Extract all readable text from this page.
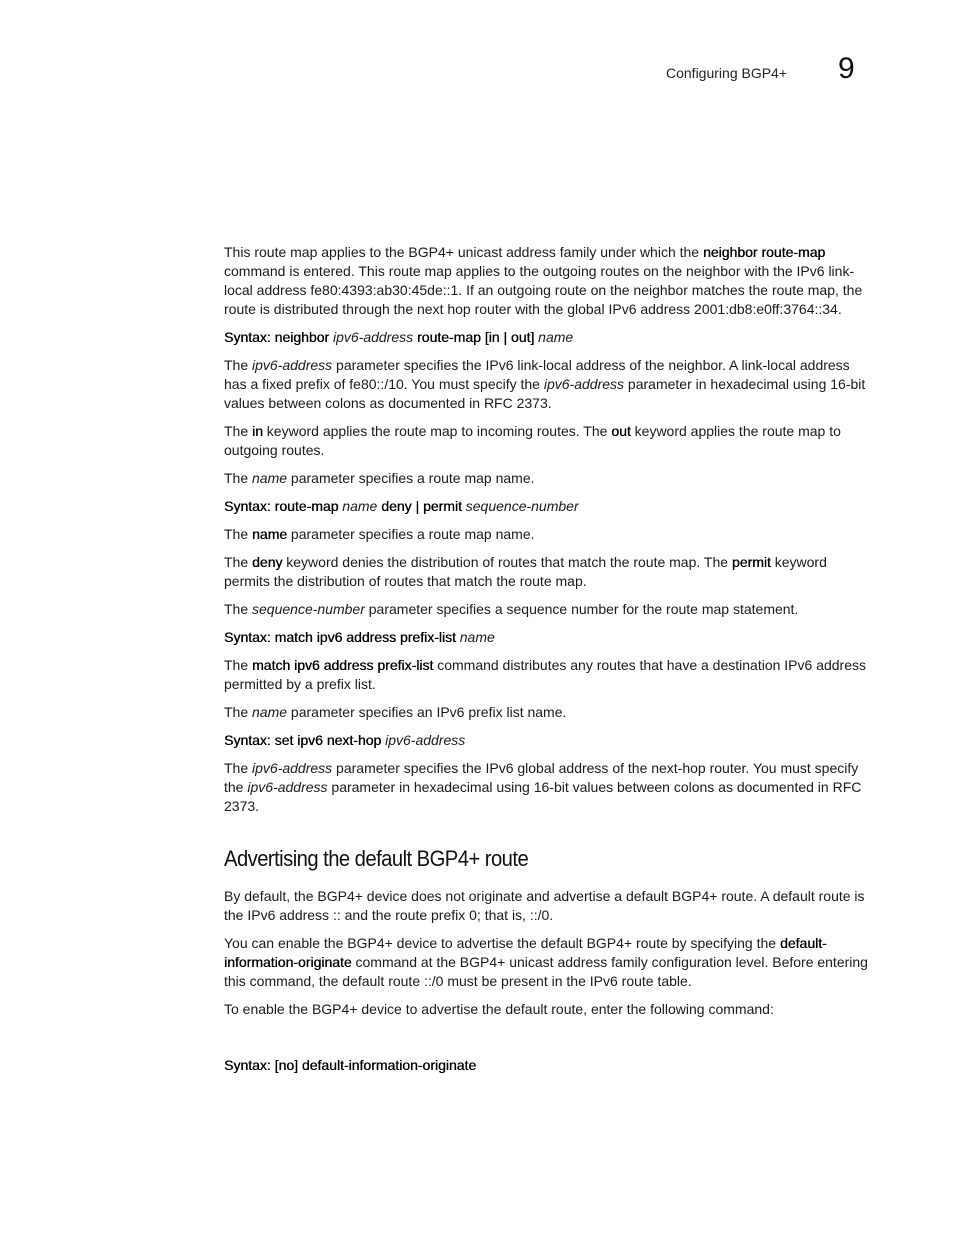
Configuring BGP4+ 9

This route map applies to the BGP4+ unicast address family under which the neighbor route-map command is entered. This route map applies to the outgoing routes on the neighbor with the IPv6 link-local address fe80:4393:ab30:45de::1. If an outgoing route on the neighbor matches the route map, the route is distributed through the next hop router with the global IPv6 address 2001:db8:e0ff:3764::34.

Syntax: neighbor ipv6-address route-map [in | out] name

The ipv6-address parameter specifies the IPv6 link-local address of the neighbor. A link-local address has a fixed prefix of fe80::/10. You must specify the ipv6-address parameter in hexadecimal using 16-bit values between colons as documented in RFC 2373.

The in keyword applies the route map to incoming routes. The out keyword applies the route map to outgoing routes.

The name parameter specifies a route map name.

Syntax: route-map name deny | permit sequence-number

The name parameter specifies a route map name.

The deny keyword denies the distribution of routes that match the route map. The permit keyword permits the distribution of routes that match the route map.

The sequence-number parameter specifies a sequence number for the route map statement.

Syntax: match ipv6 address prefix-list name

The match ipv6 address prefix-list command distributes any routes that have a destination IPv6 address permitted by a prefix list.

The name parameter specifies an IPv6 prefix list name.

Syntax: set ipv6 next-hop ipv6-address

The ipv6-address parameter specifies the IPv6 global address of the next-hop router. You must specify the ipv6-address parameter in hexadecimal using 16-bit values between colons as documented in RFC 2373.

Advertising the default BGP4+ route

By default, the BGP4+ device does not originate and advertise a default BGP4+ route. A default route is the IPv6 address :: and the route prefix 0; that is, ::/0.

You can enable the BGP4+ device to advertise the default BGP4+ route by specifying the default-information-originate command at the BGP4+ unicast address family configuration level. Before entering this command, the default route ::/0 must be present in the IPv6 route table.

To enable the BGP4+ device to advertise the default route, enter the following command:

Syntax: [no] default-information-originate
